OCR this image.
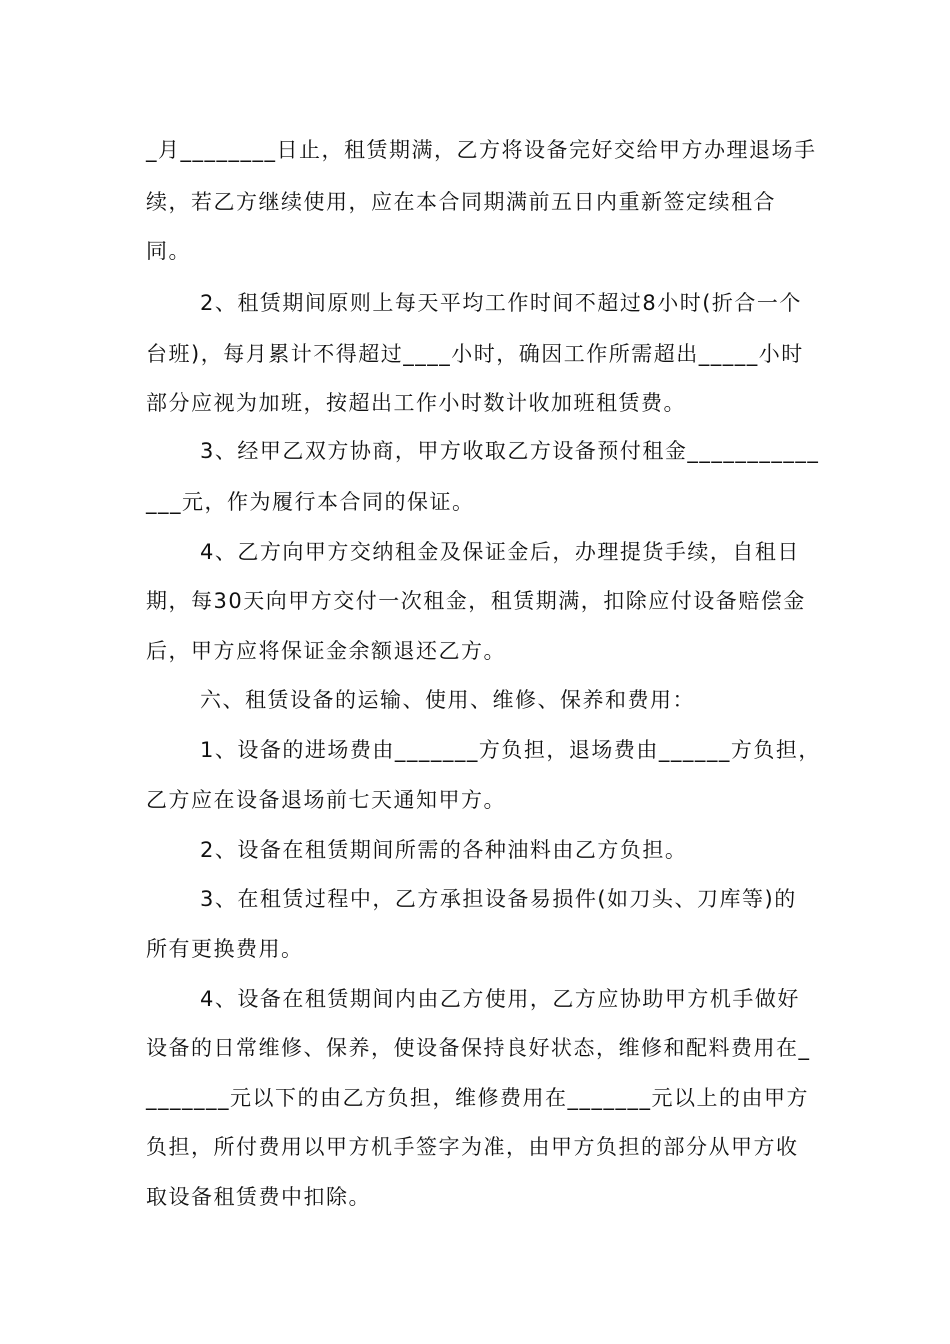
_月________日止，租赁期满，乙方将设备完好交给甲方办理退场手
续，若乙方继续使用，应在本合同期满前五日内重新签定续租合
同。
2、租赁期间原则上每天平均工作时间不超过8小时(折合一个
台班)，每月累计不得超过____小时，确因工作所需超出_____小时
部分应视为加班，按超出工作小时数计收加班租赁费。
3、经甲乙双方协商，甲方收取乙方设备预付租金___________
___元，作为履行本合同的保证。
4、乙方向甲方交纳租金及保证金后，办理提货手续，自租日
期，每30天向甲方交付一次租金，租赁期满，扣除应付设备赔偿金
后，甲方应将保证金余额退还乙方。
六、租赁设备的运输、使用、维修、保养和费用：
1、设备的进场费由_______方负担，退场费由______方负担，
乙方应在设备退场前七天通知甲方。
2、设备在租赁期间所需的各种油料由乙方负担。
3、在租赁过程中，乙方承担设备易损件(如刀头、刀库等)的
所有更换费用。
4、设备在租赁期间内由乙方使用，乙方应协助甲方机手做好
设备的日常维修、保养，使设备保持良好状态，维修和配料费用在_
_______元以下的由乙方负担，维修费用在_______元以上的由甲方
负担，所付费用以甲方机手签字为准，由甲方负担的部分从甲方收
取设备租赁费中扣除。
